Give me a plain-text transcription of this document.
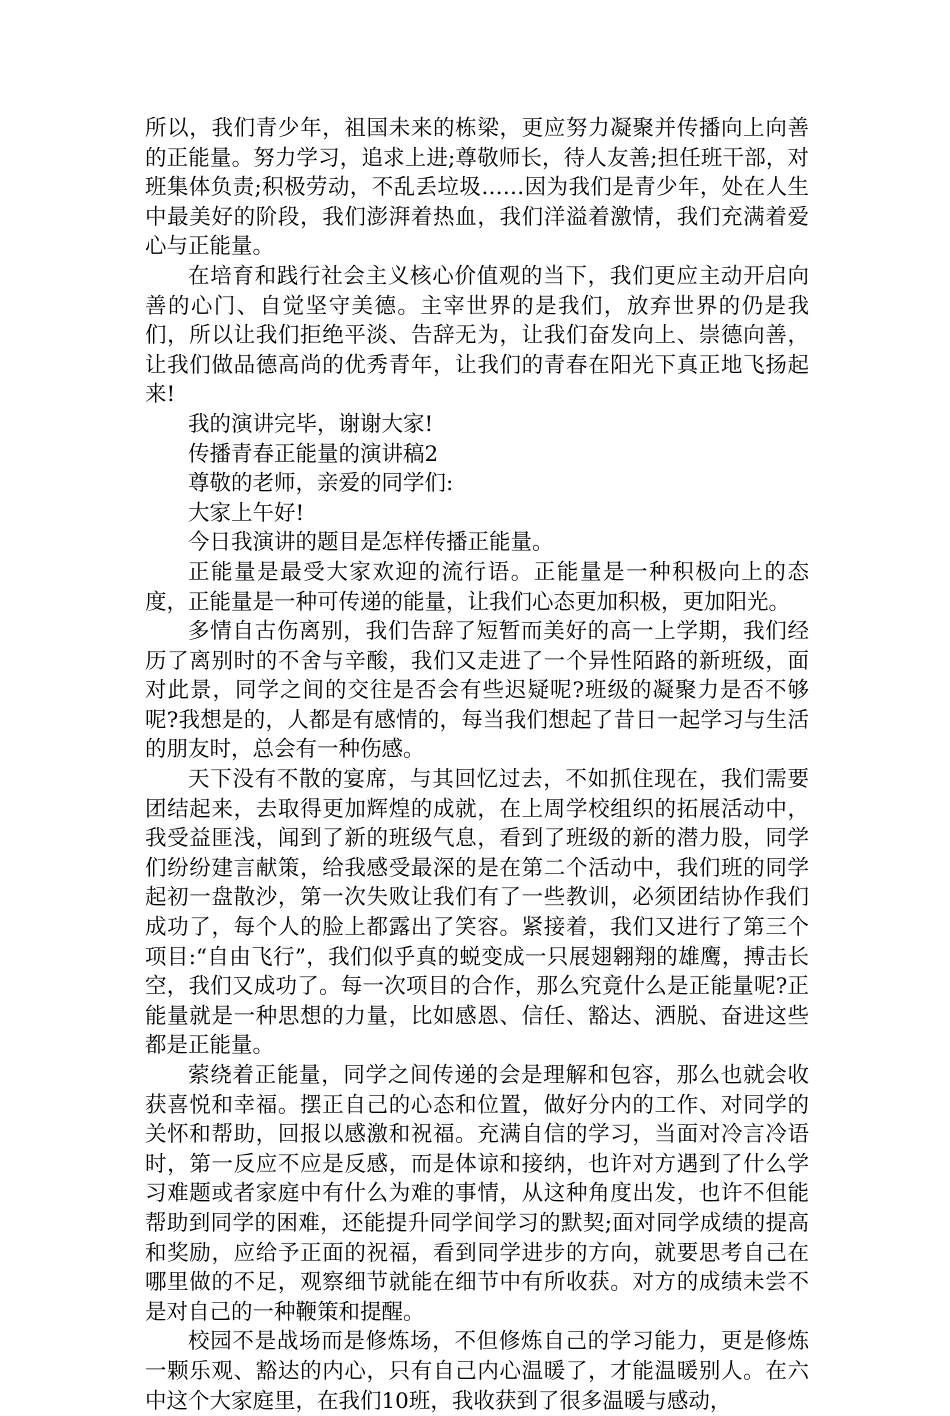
所以，我们青少年，祖国未来的栋梁，更应努力凝聚并传播向上向善的正能量。努力学习，追求上进;尊敬师长，待人友善;担任班干部，对班集体负责;积极劳动，不乱丢垃圾……因为我们是青少年，处在人生中最美好的阶段，我们澎湃着热血，我们洋溢着激情，我们充满着爱心与正能量。

在培育和践行社会主义核心价值观的当下，我们更应主动开启向善的心门、自觉坚守美德。主宰世界的是我们，放弃世界的仍是我们，所以让我们拒绝平淡、告辞无为，让我们奋发向上、崇德向善，让我们做品德高尚的优秀青年，让我们的青春在阳光下真正地飞扬起来!

我的演讲完毕，谢谢大家!

传播青春正能量的演讲稿2

尊敬的老师，亲爱的同学们:

大家上午好!

今日我演讲的题目是怎样传播正能量。

正能量是最受大家欢迎的流行语。正能量是一种积极向上的态度，正能量是一种可传递的能量，让我们心态更加积极，更加阳光。

多情自古伤离别，我们告辞了短暂而美好的高一上学期，我们经历了离别时的不舍与辛酸，我们又走进了一个异性陌路的新班级，面对此景，同学之间的交往是否会有些迟疑呢?班级的凝聚力是否不够呢?我想是的，人都是有感情的，每当我们想起了昔日一起学习与生活的朋友时，总会有一种伤感。

天下没有不散的宴席，与其回忆过去，不如抓住现在，我们需要团结起来，去取得更加辉煌的成就，在上周学校组织的拓展活动中，我受益匪浅，闻到了新的班级气息，看到了班级的新的潜力股，同学们纷纷建言献策，给我感受最深的是在第二个活动中，我们班的同学起初一盘散沙，第一次失败让我们有了一些教训，必须团结协作我们成功了，每个人的脸上都露出了笑容。紧接着，我们又进行了第三个项目:“自由飞行”，我们似乎真的蜕变成一只展翅翱翔的雄鹰，搏击长空，我们又成功了。每一次项目的合作，那么究竟什么是正能量呢?正能量就是一种思想的力量，比如感恩、信任、豁达、洒脱、奋进这些都是正能量。

萦绕着正能量，同学之间传递的会是理解和包容，那么也就会收获喜悦和幸福。摆正自己的心态和位置，做好分内的工作、对同学的关怀和帮助，回报以感激和祝福。充满自信的学习，当面对冷言冷语时，第一反应不应是反感，而是体谅和接纳，也许对方遇到了什么学习难题或者家庭中有什么为难的事情，从这种角度出发，也许不但能帮助到同学的困难，还能提升同学间学习的默契;面对同学成绩的提高和奖励，应给予正面的祝福，看到同学进步的方向，就要思考自己在哪里做的不足，观察细节就能在细节中有所收获。对方的成绩未尝不是对自己的一种鞭策和提醒。

校园不是战场而是修炼场，不但修炼自己的学习能力，更是修炼一颗乐观、豁达的内心，只有自己内心温暖了，才能温暖别人。在六中这个大家庭里，在我们10班，我收获到了很多温暖与感动，
